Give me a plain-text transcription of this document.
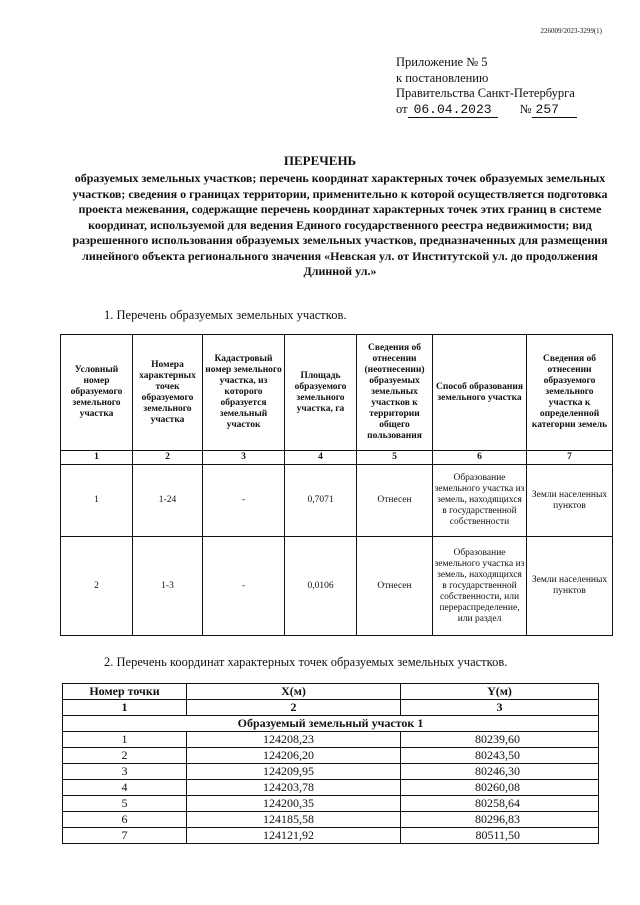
226009/2023-3299(1)
Приложение № 5
к постановлению
Правительства Санкт-Петербурга
от 06.04.2023	№ 257
ПЕРЕЧЕНЬ
образуемых земельных участков; перечень координат характерных точек образуемых земельных участков; сведения о границах территории, применительно к которой осуществляется подготовка проекта межевания, содержащие перечень координат характерных точек этих границ в системе координат, используемой для ведения Единого государственного реестра недвижимости; вид разрешенного использования образуемых земельных участков, предназначенных для размещения линейного объекта регионального значения «Невская ул. от Институтской ул. до продолжения Длинной ул.»
1. Перечень образуемых земельных участков.
Условный номер образуемого земельного участка	Номера характерных точек образуемого земельного участка	Кадастровый номер земельного участка, из которого образуется земельный участок	Площадь образуемого земельного участка, га	Сведения об отнесении (неотнесении) образуемых земельных участков к территории общего пользования	Способ образования земельного участка	Сведения об отнесении образуемого земельного участка к определенной категории земель
1	2	3	4	5	6	7
1	1-24	-	0,7071	Отнесен	Образование земельного участка из земель, находящихся в государственной собственности	Земли населенных пунктов
2	1-3	-	0,0106	Отнесен	Образование земельного участка из земель, находящихся в государственной собственности, или перераспределение, или раздел	Земли населенных пунктов
2. Перечень координат характерных точек образуемых земельных участков.
Номер точки	X(м)	Y(м)
1	2	3
Образуемый земельный участок 1		
1	124208,23	80239,60
2	124206,20	80243,50
3	124209,95	80246,30
4	124203,78	80260,08
5	124200,35	80258,64
6	124185,58	80296,83
7	124121,92	80511,50
